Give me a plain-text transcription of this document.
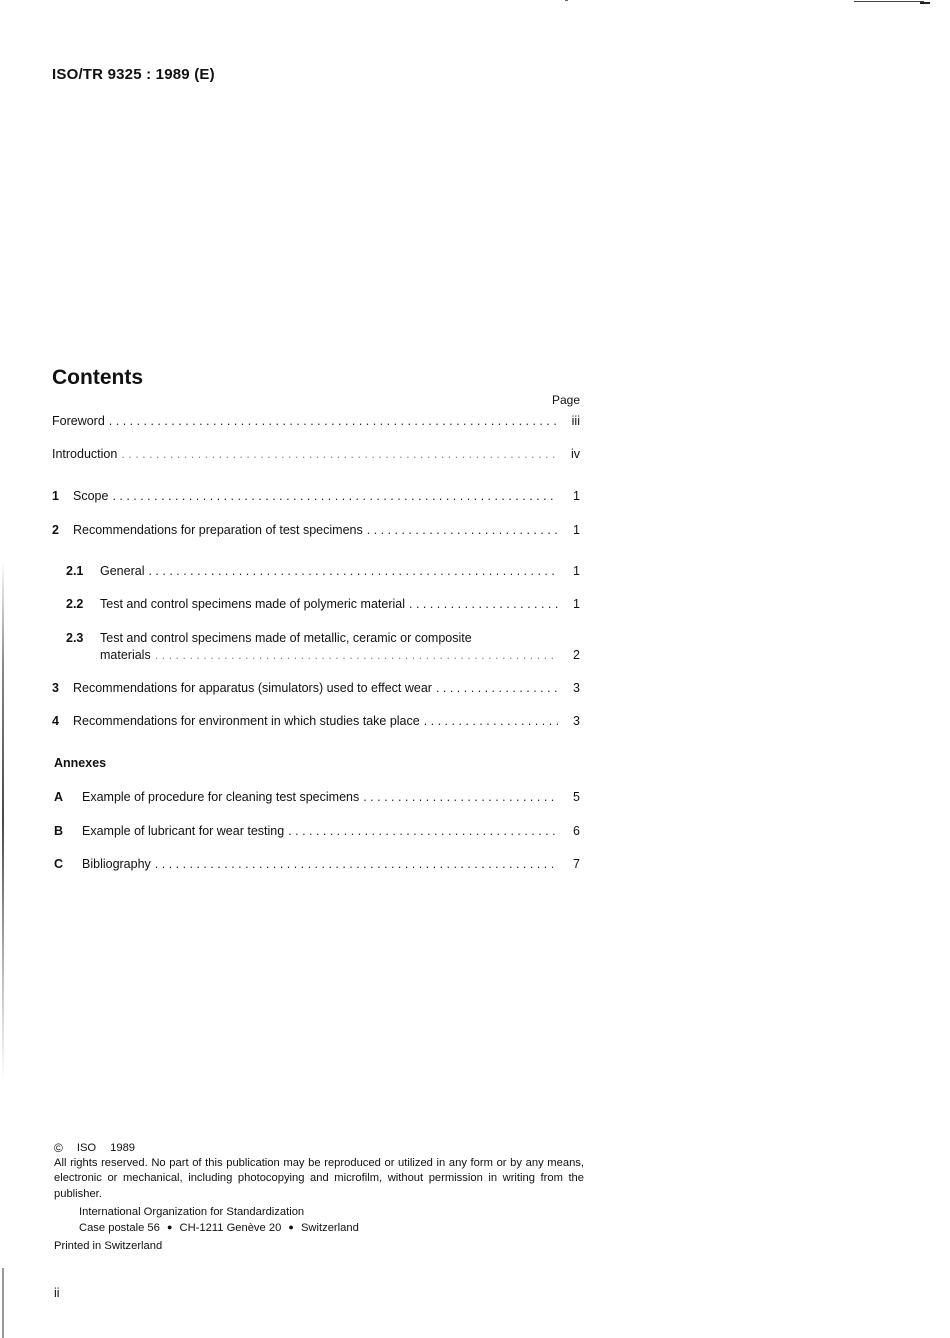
ISO/TR 9325 : 1989 (E)
Contents
Page
Foreword . . .	iii
Introduction . . .	iv
1	Scope . . .	1
2	Recommendations for preparation of test specimens . . .	1
2.1	General . . .	1
2.2	Test and control specimens made of polymeric material . . .	1
2.3	Test and control specimens made of metallic, ceramic or composite
materials . . .	2
3	Recommendations for apparatus (simulators) used to effect wear . . .	3
4	Recommendations for environment in which studies take place . . .	3
Annexes
A	Example of procedure for cleaning test specimens . . .	5
B	Example of lubricant for wear testing . . .	6
C	Bibliography . . .	7
© ISO 1989
All rights reserved. No part of this publication may be reproduced or utilized in any form or by any means, electronic or mechanical, including photocopying and microfilm, without permission in writing from the publisher.
International Organization for Standardization
Case postale 56 ● CH-1211 Genève 20 ● Switzerland
Printed in Switzerland
ii
